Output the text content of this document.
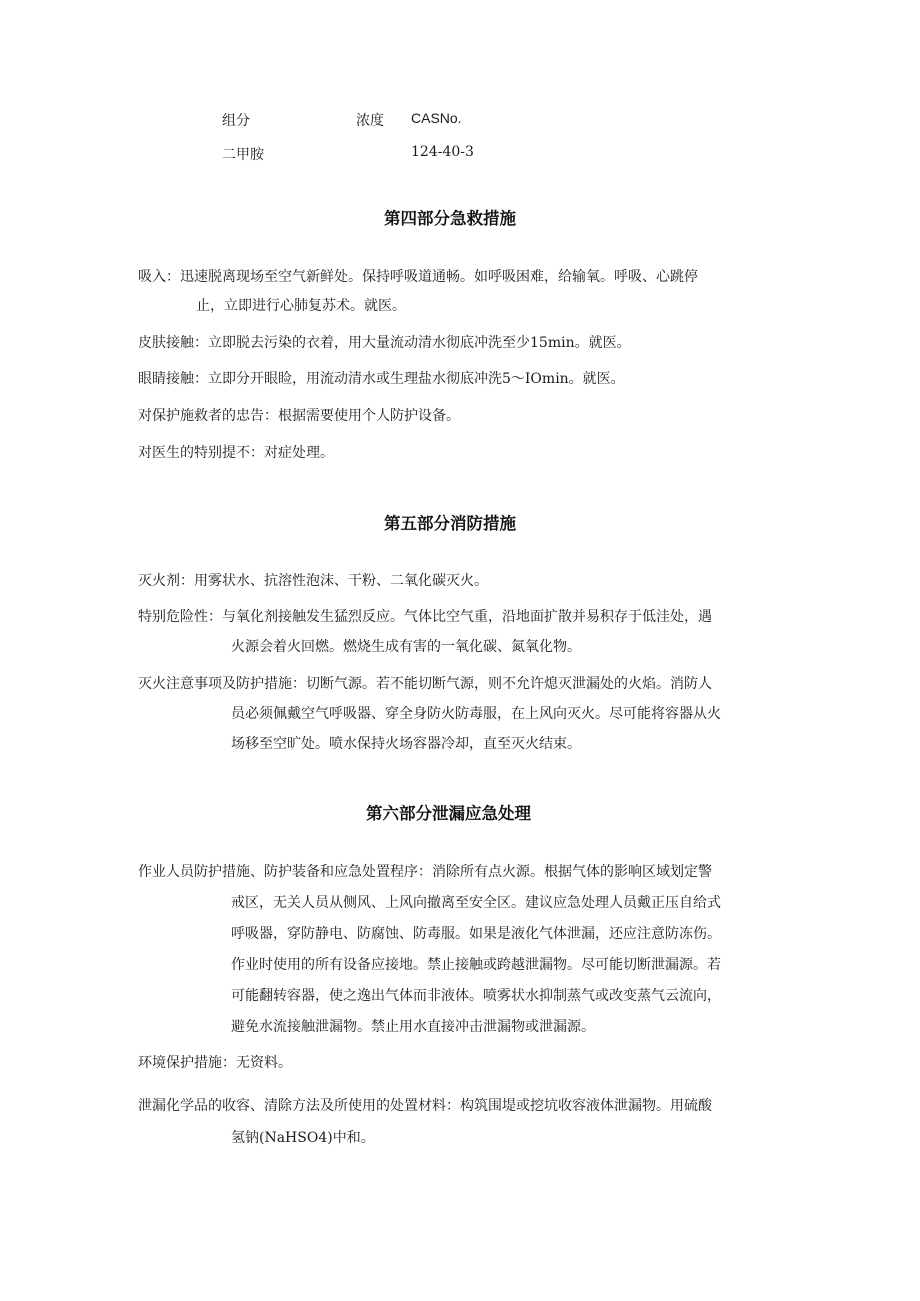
组分	浓度 CASNo.
二甲胺	124-40-3
第四部分急救措施
吸入：迅速脱离现场至空气新鲜处。保持呼吸道通畅。如呼吸困难，给输氧。呼吸、心跳停
止，立即进行心肺复苏术。就医。
皮肤接触：立即脱去污染的衣着，用大量流动清水彻底冲洗至少15min。就医。
眼睛接触：立即分开眼睑，用流动清水或生理盐水彻底冲洗5～IOmin。就医。
对保护施救者的忠告：根据需要使用个人防护设备。
对医生的特别提不：对症处理。
第五部分消防措施
灭火剂：用雾状水、抗溶性泡沫、干粉、二氧化碳灭火。
特别危险性：与氧化剂接触发生猛烈反应。气体比空气重，沿地面扩散并易积存于低洼处，遇
火源会着火回燃。燃烧生成有害的一氧化碳、氮氧化物。
灭火注意事项及防护措施：切断气源。若不能切断气源，则不允许熄灭泄漏处的火焰。消防人
员必须佩戴空气呼吸器、穿全身防火防毒服，在上风向灭火。尽可能将容器从火
场移至空旷处。喷水保持火场容器冷却，直至灭火结束。
第六部分泄漏应急处理
作业人员防护措施、防护装备和应急处置程序：消除所有点火源。根据气体的影响区域划定警
戒区，无关人员从侧风、上风向撤离至安全区。建议应急处理人员戴正压自给式
呼吸器，穿防静电、防腐蚀、防毒服。如果是液化气体泄漏，还应注意防冻伤。
作业时使用的所有设备应接地。禁止接触或跨越泄漏物。尽可能切断泄漏源。若
可能翻转容器，使之逸出气体而非液体。喷雾状水抑制蒸气或改变蒸气云流向，
避免水流接触泄漏物。禁止用水直接冲击泄漏物或泄漏源。
环境保护措施：无资料。
泄漏化学品的收容、清除方法及所使用的处置材料：构筑围堤或挖坑收容液体泄漏物。用硫酸
氢钠(NaHSO4)中和。
